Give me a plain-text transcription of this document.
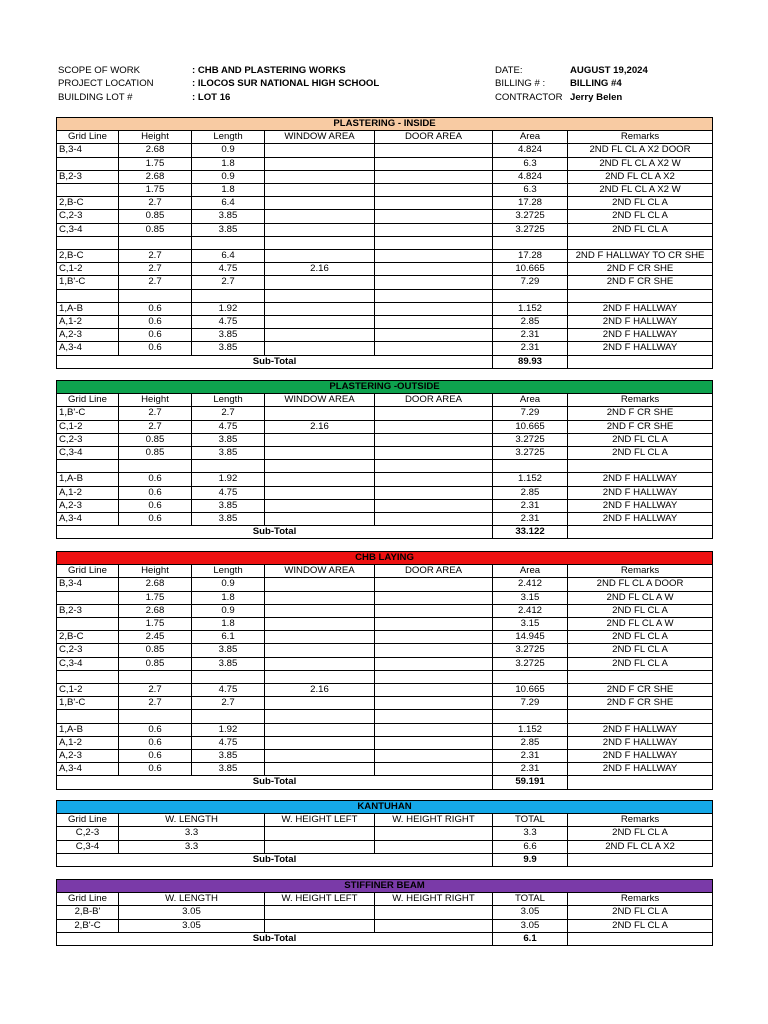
SCOPE OF WORK	: CHB AND PLASTERING WORKS	DATE:	AUGUST 19,2024
PROJECT LOCATION	: ILOCOS SUR NATIONAL HIGH SCHOOL	BILLING # :	BILLING #4
BUILDING LOT #	: LOT 16	CONTRACTOR Jerry Belen
PLASTERING - INSIDE						
Grid Line	Height	Length	WINDOW AREA	DOOR AREA	Area	Remarks
B,3-4	2.68	0.9			4.824	2ND FL CL A X2 DOOR
	1.75	1.8			6.3	2ND FL CL A X2 W
B,2-3	2.68	0.9			4.824	2ND FL CL A X2
	1.75	1.8			6.3	2ND FL CL A X2 W
2,B-C	2.7	6.4			17.28	2ND FL CL A
C,2-3	0.85	3.85			3.2725	2ND FL CL A
C,3-4	0.85	3.85			3.2725	2ND FL CL A

2,B-C	2.7	6.4			17.28	2ND F HALLWAY TO CR SHE
C,1-2	2.7	4.75	2.16		10.665	2ND F CR SHE
1,B'-C	2.7	2.7			7.29	2ND F CR SHE

1,A-B	0.6	1.92			1.152	2ND F HALLWAY
A,1-2	0.6	4.75			2.85	2ND F HALLWAY
A,2-3	0.6	3.85			2.31	2ND F HALLWAY
A,3-4	0.6	3.85			2.31	2ND F HALLWAY
Sub-Total					89.93	
PLASTERING -OUTSIDE						
Grid Line	Height	Length	WINDOW AREA	DOOR AREA	Area	Remarks
1,B'-C	2.7	2.7			7.29	2ND F CR SHE
C,1-2	2.7	4.75	2.16		10.665	2ND F CR SHE
C,2-3	0.85	3.85			3.2725	2ND FL CL A
C,3-4	0.85	3.85			3.2725	2ND FL CL A

1,A-B	0.6	1.92			1.152	2ND F HALLWAY
A,1-2	0.6	4.75			2.85	2ND F HALLWAY
A,2-3	0.6	3.85			2.31	2ND F HALLWAY
A,3-4	0.6	3.85			2.31	2ND F HALLWAY
Sub-Total					33.122	
CHB LAYING						
Grid Line	Height	Length	WINDOW AREA	DOOR AREA	Area	Remarks
B,3-4	2.68	0.9			2.412	2ND FL CL A DOOR
	1.75	1.8			3.15	2ND FL CL A W
B,2-3	2.68	0.9			2.412	2ND FL CL A
	1.75	1.8			3.15	2ND FL CL A W
2,B-C	2.45	6.1			14.945	2ND FL CL A
C,2-3	0.85	3.85			3.2725	2ND FL CL A
C,3-4	0.85	3.85			3.2725	2ND FL CL A

C,1-2	2.7	4.75	2.16		10.665	2ND F CR SHE
1,B'-C	2.7	2.7			7.29	2ND F CR SHE

1,A-B	0.6	1.92			1.152	2ND F HALLWAY
A,1-2	0.6	4.75			2.85	2ND F HALLWAY
A,2-3	0.6	3.85			2.31	2ND F HALLWAY
A,3-4	0.6	3.85			2.31	2ND F HALLWAY
Sub-Total					59.191	
KANTUHAN					
Grid Line	W. LENGTH	W. HEIGHT LEFT	W. HEIGHT RIGHT	TOTAL	Remarks
C,2-3	3.3			3.3	2ND FL CL A
C,3-4	3.3			6.6	2ND FL CL A X2
Sub-Total				9.9	
STIFFINER BEAM					
Grid Line	W. LENGTH	W. HEIGHT LEFT	W. HEIGHT RIGHT	TOTAL	Remarks
2,B-B'	3.05			3.05	2ND FL CL A
2,B'-C	3.05			3.05	2ND FL CL A
Sub-Total				6.1	
